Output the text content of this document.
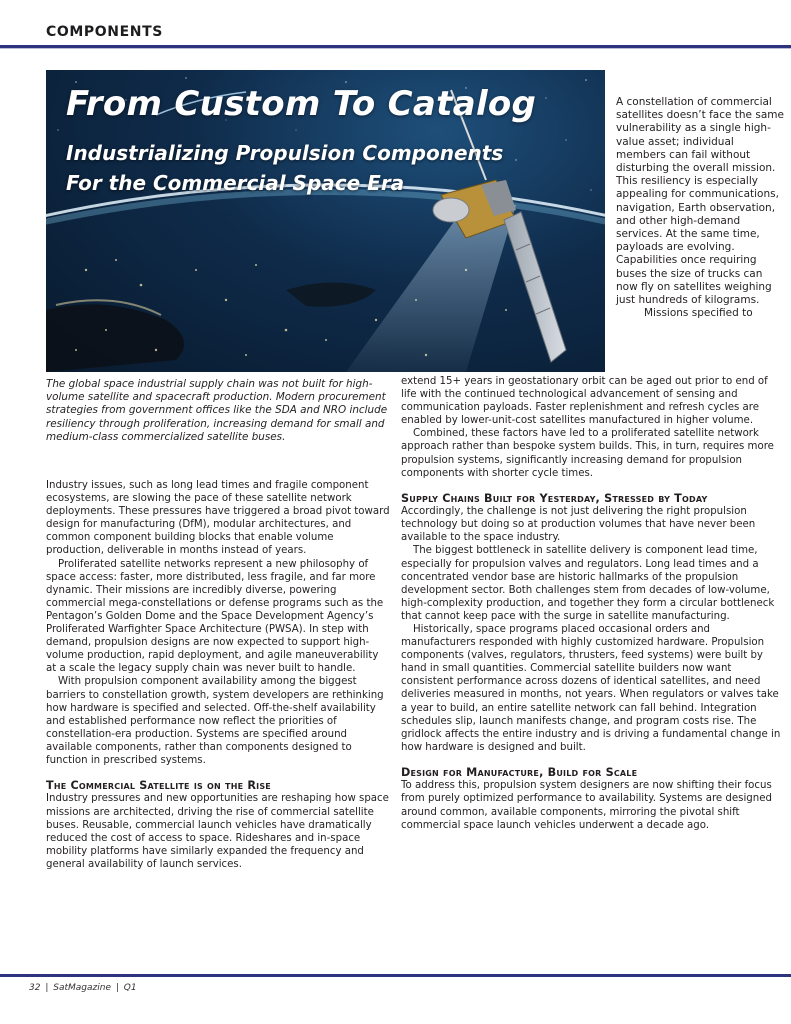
COMPONENTS
From Custom To Catalog
Industrializing Propulsion Components
For the Commercial Space Era

A constellation of commercial satellites doesn’t face the same vulnerability as a single high-value asset; individual members can fail without disturbing the overall mission. This resiliency is especially appealing for communications, navigation, Earth observation, and other high-demand services. At the same time, payloads are evolving. Capabilities once requiring buses the size of trucks can now fly on satellites weighing just hundreds of kilograms.

Missions specified to

The global space industrial supply chain was not built for high-volume satellite and spacecraft production. Modern procurement strategies from government offices like the SDA and NRO include resiliency through proliferation, increasing demand for small and medium-class commercialized satellite buses.

Industry issues, such as long lead times and fragile component ecosystems, are slowing the pace of these satellite network deployments. These pressures have triggered a broad pivot toward design for manufacturing (DfM), modular architectures, and common component building blocks that enable volume production, deliverable in months instead of years.

Proliferated satellite networks represent a new philosophy of space access: faster, more distributed, less fragile, and far more dynamic. Their missions are incredibly diverse, powering commercial mega-constellations or defense programs such as the Pentagon’s Golden Dome and the Space Development Agency’s Proliferated Warfighter Space Architecture (PWSA). In step with demand, propulsion designs are now expected to support high-volume production, rapid deployment, and agile maneuverability at a scale the legacy supply chain was never built to handle.

With propulsion component availability among the biggest barriers to constellation growth, system developers are rethinking how hardware is specified and selected. Off-the-shelf availability and established performance now reflect the priorities of constellation-era production. Systems are specified around available components, rather than components designed to function in prescribed systems.

The Commercial Satellite is on the Rise

Industry pressures and new opportunities are reshaping how space missions are architected, driving the rise of commercial satellite buses. Reusable, commercial launch vehicles have dramatically reduced the cost of access to space. Rideshares and in-space mobility platforms have similarly expanded the frequency and general availability of launch services.

extend 15+ years in geostationary orbit can be aged out prior to end of life with the continued technological advancement of sensing and communication payloads. Faster replenishment and refresh cycles are enabled by lower-unit-cost satellites manufactured in higher volume.

Combined, these factors have led to a proliferated satellite network approach rather than bespoke system builds. This, in turn, requires more propulsion systems, significantly increasing demand for propulsion components with shorter cycle times.

Supply Chains Built for Yesterday, Stressed by Today

Accordingly, the challenge is not just delivering the right propulsion technology but doing so at production volumes that have never been available to the space industry.

The biggest bottleneck in satellite delivery is component lead time, especially for propulsion valves and regulators. Long lead times and a concentrated vendor base are historic hallmarks of the propulsion development sector. Both challenges stem from decades of low-volume, high-complexity production, and together they form a circular bottleneck that cannot keep pace with the surge in satellite manufacturing.

Historically, space programs placed occasional orders and manufacturers responded with highly customized hardware. Propulsion components (valves, regulators, thrusters, feed systems) were built by hand in small quantities. Commercial satellite builders now want consistent performance across dozens of identical satellites, and need deliveries measured in months, not years. When regulators or valves take a year to build, an entire satellite network can fall behind. Integration schedules slip, launch manifests change, and program costs rise. The gridlock affects the entire industry and is driving a fundamental change in how hardware is designed and built.

Design for Manufacture, Build for Scale

To address this, propulsion system designers are now shifting their focus from purely optimized performance to availability. Systems are designed around common, available components, mirroring the pivotal shift commercial space launch vehicles underwent a decade ago.

32 | SatMagazine | Q1
